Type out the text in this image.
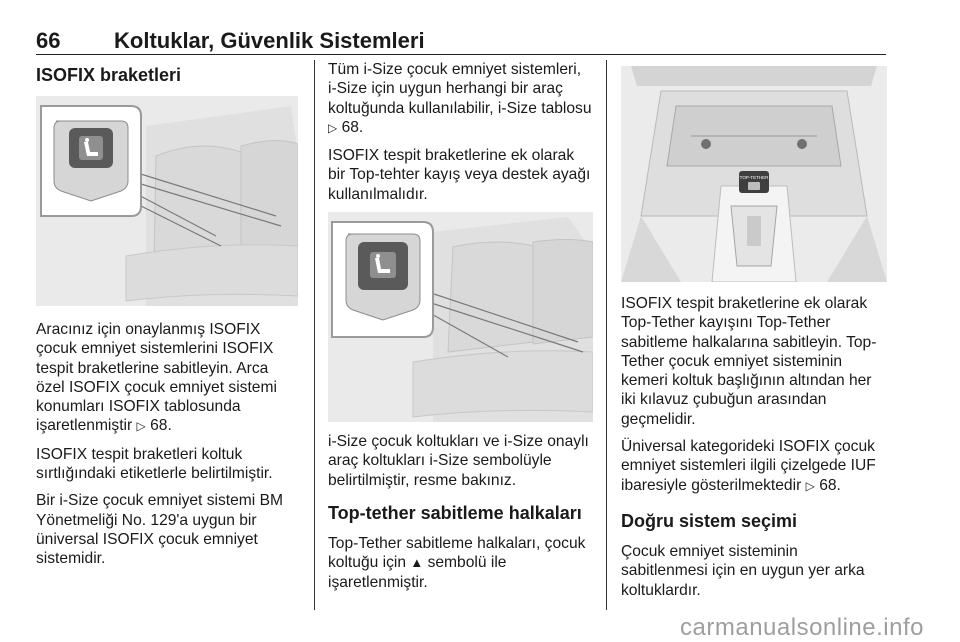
66 Koltuklar, Güvenlik Sistemleri
ISOFIX braketleri

Aracınız için onaylanmış ISOFIX çocuk emniyet sistemlerini ISOFIX tespit braketlerine sabitleyin. Arca özel ISOFIX çocuk emniyet sistemi konumları ISOFIX tablosunda işaretlenmiştir ▷ 68.

ISOFIX tespit braketleri koltuk sırtlığındaki etiketlerle belirtilmiştir.

Bir i-Size çocuk emniyet sistemi BM Yönetmeliği No. 129'a uygun bir üniversal ISOFIX çocuk emniyet sistemidir.

Tüm i-Size çocuk emniyet sistemleri, i-Size için uygun herhangi bir araç koltuğunda kullanılabilir, i-Size tablosu ▷ 68.

ISOFIX tespit braketlerine ek olarak bir Top-tehter kayış veya destek ayağı kullanılmalıdır.

i-Size çocuk koltukları ve i-Size onaylı araç koltukları i-Size sembolüyle belirtilmiştir, resme bakınız.

Top-tether sabitleme halkaları

Top-Tether sabitleme halkaları, çocuk koltuğu için ▲ sembolü ile işaretlenmiştir.

TOP-TETHER

ISOFIX tespit braketlerine ek olarak Top-Tether kayışını Top-Tether sabitleme halkalarına sabitleyin. Top-Tether çocuk emniyet sisteminin kemeri koltuk başlığının altından her iki kılavuz çubuğun arasından geçmelidir.

Üniversal kategorideki ISOFIX çocuk emniyet sistemleri ilgili çizelgede IUF ibaresiyle gösterilmektedir ▷ 68.

Doğru sistem seçimi

Çocuk emniyet sisteminin sabitlenmesi için en uygun yer arka koltuklardır.

carmanualsonline.info
